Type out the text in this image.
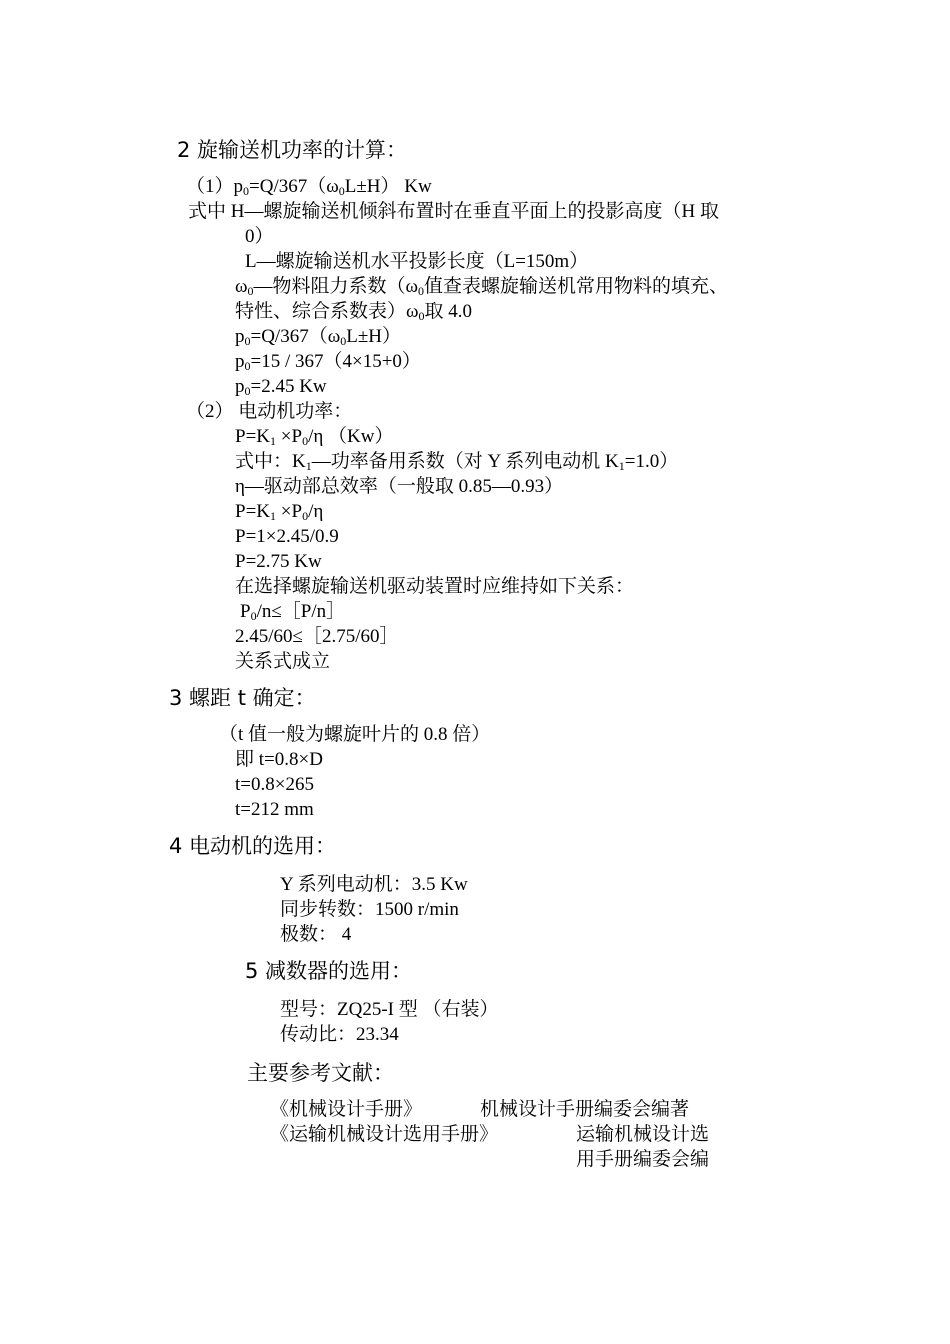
2 旋输送机功率的计算：
$(1)p_0=Q/367(\omega_0L\pm H)$ Kw
式中 H—螺旋输送机倾斜布置时在垂直平面上的投影高度（H 取
0）
L—螺旋输送机水平投影长度（L=150m）
$\omega_0—$物料阻力系数（$\omega_0$值查表螺旋输送机常用物料的填充、
特性、综合系数表）$\omega_0$取 4.0
$p_0=Q/367(\omega_0L\pm H)$
$p_0=15 / 367(4\times 15+0)$
$p_0=2.45$ Kw
（2） 电动机功率：
$P=K_1 \times P_0/\eta$ （Kw）
式中：$K_1—$功率备用系数（对 Y 系列电动机 $K_1=1.0$）
η—驱动部总效率（一般取 0.85—0.93）
$P=K_1 \times P_0/\eta$
P=1×2.45/0.9
P=2.75 Kw
在选择螺旋输送机驱动装置时应维持如下关系：
$P_0/n\le[P/n]$
2.45/60≤［2.75/60］
关系式成立
3 螺距 t 确定：
（t 值一般为螺旋叶片的 0.8 倍）
即 t=0.8×D
t=0.8×265
t=212 mm
4 电动机的选用：
Y 系列电动机：3.5 Kw
同步转数：1500 r/min
极数： 4
5 减数器的选用：
型号：ZQ25-I 型 （右装）
传动比：23.34
主要参考文献：
《机械设计手册》	机械设计手册编委会编著
《运输机械设计选用手册》	运输机械设计选
用手册编委会编
